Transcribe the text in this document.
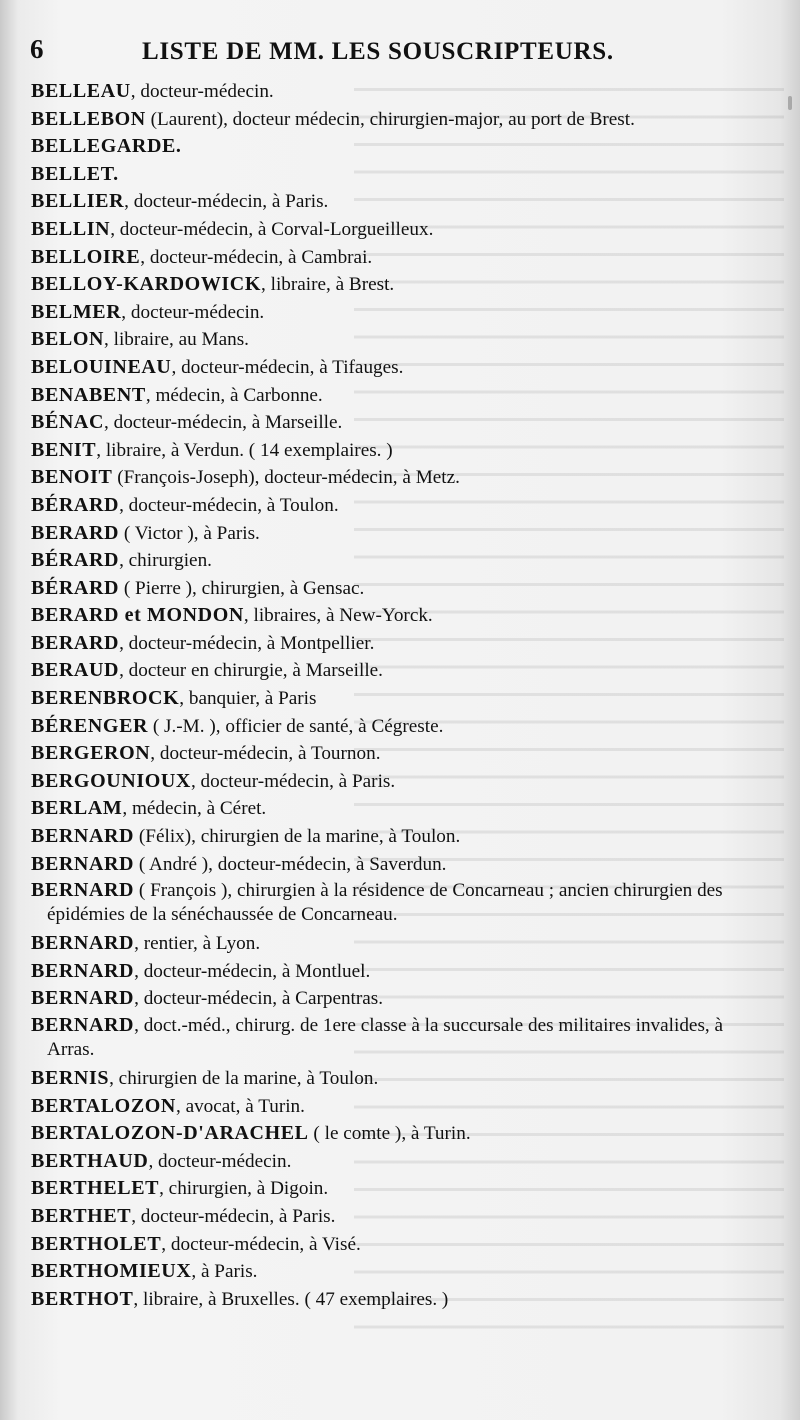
6	LISTE DE MM. LES SOUSCRIPTEURS.
BELLEAU, docteur-médecin.
BELLEBON (Laurent), docteur médecin, chirurgien-major, au port de Brest.
BELLEGARDE.
BELLET.
BELLIER, docteur-médecin, à Paris.
BELLIN, docteur-médecin, à Corval-Lorgueilleux.
BELLOIRE, docteur-médecin, à Cambrai.
BELLOY-KARDOWICK, libraire, à Brest.
BELMER, docteur-médecin.
BELON, libraire, au Mans.
BELOUINEAU, docteur-médecin, à Tifauges.
BENABENT, médecin, à Carbonne.
BÉNAC, docteur-médecin, à Marseille.
BENIT, libraire, à Verdun. ( 14 exemplaires. )
BENOIT (François-Joseph), docteur-médecin, à Metz.
BÉRARD, docteur-médecin, à Toulon.
BERARD ( Victor ), à Paris.
BÉRARD, chirurgien.
BÉRARD ( Pierre ), chirurgien, à Gensac.
BERARD et MONDON, libraires, à New-Yorck.
BERARD, docteur-médecin, à Montpellier.
BERAUD, docteur en chirurgie, à Marseille.
BERENBROCK, banquier, à Paris
BÉRENGER ( J.-M. ), officier de santé, à Cégreste.
BERGERON, docteur-médecin, à Tournon.
BERGOUNIOUX, docteur-médecin, à Paris.
BERLAM, médecin, à Céret.
BERNARD (Félix), chirurgien de la marine, à Toulon.
BERNARD ( André ), docteur-médecin, à Saverdun.
BERNARD ( François ), chirurgien à la résidence de Concarneau ; ancien chirurgien des épidémies de la sénéchaussée de Concarneau.
BERNARD, rentier, à Lyon.
BERNARD, docteur-médecin, à Montluel.
BERNARD, docteur-médecin, à Carpentras.
BERNARD, doct.-méd., chirurg. de 1ere classe à la succursale des militaires invalides, à Arras.
BERNIS, chirurgien de la marine, à Toulon.
BERTALOZON, avocat, à Turin.
BERTALOZON-D'ARACHEL ( le comte ), à Turin.
BERTHAUD, docteur-médecin.
BERTHELET, chirurgien, à Digoin.
BERTHET, docteur-médecin, à Paris.
BERTHOLET, docteur-médecin, à Visé.
BERTHOMIEUX, à Paris.
BERTHOT, libraire, à Bruxelles. ( 47 exemplaires. )
